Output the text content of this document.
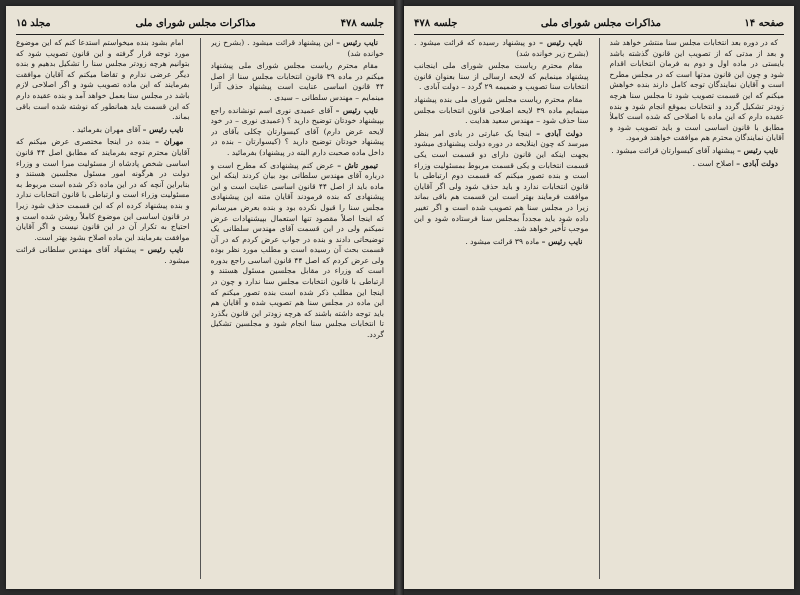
جلسه ۴۷۸
مذاکرات مجلس شورای ملی
مجلد ۱۵

نایب رئیس – این پیشنهاد قرائت میشود . (بشرح زیر خوانده شد)

مقام محترم ریاست مجلس شورای ملی پیشنهاد میکنم در ماده ۳۹ قانون انتخابات مجلس سنا از اصل ۴۴ قانون اساسی عنایت است پیشنهاد حذف آنرا مینمایم – مهندس سلطانی – سیدی .

نایب رئیس – آقای عمیدی نوری اسم تونشانده راجع بپیشنهاد خودتان توضیح دارید ؟ (عمیدی نوری – در خود لایحه عرض دارم) آقای کیسوارتان چکلی بآقای در پیشنهاد خودتان توضیح دارید ؟ (کیسوارتان – بنده در داخل ماده صحبت دارم البته در پیشنهاد) بفرمائید .

تیمور تاش – عرض کنم پیشنهادی که مطرح است و درباره آقای مهندس سلطانی بود بیان کردند اینکه این ماده باید از اصل ۴۴ قانون اساسی عنایت است و این پیشنهادی که بنده فرمودند آقایان متنه این پیشنهادی مجلس سنا را قبول نکرده بود و بنده بعرض میرسانم که اینجا اصلاً مقصود تنها استعمال بپیشنهادات عرض نمیکنم ولی در این قسمت آقای مهندس سلطانی یک توضیحاتی دادند و بنده در جواب عرض کردم که در آن قسمت بحث آن رسیده است و مطلب مورد نظر بوده ولی عرض کردم که اصل ۴۴ قانون اساسی راجع بدوره است که وزراء در مقابل مجلسین مسئول هستند و ارتباطی با قانون انتخابات مجلس سنا ندارد و چون در اینجا این مطلب ذکر شده است بنده تصور میکنم که این ماده در مجلس سنا هم تصویب شده و آقایان هم باید توجه داشته باشند که هرچه زودتر این قانون بگذرد تا انتخابات مجلس سنا انجام شود و مجلسین تشکیل گردد.

امام بشود بنده میخواستم استدعا کنم که این موضوع مورد توجه قرار گرفته و این قانون تصویب شود که بتوانیم هرچه زودتر مجلس سنا را تشکیل بدهیم و بنده دیگر عرضی ندارم و تقاضا میکنم که آقایان موافقت بفرمایند که این ماده تصویب شود و اگر اصلاحی لازم باشد در مجلس سنا بعمل خواهد آمد و بنده عقیده دارم که این قسمت باید همانطور که نوشته شده است باقی بماند.

نایب رئیس – آقای مهران بفرمائید .

مهران – بنده در اینجا مختصری عرض میکنم که آقایان محترم توجه بفرمایند که مطابق اصل ۴۴ قانون اساسی شخص پادشاه از مسئولیت مبرا است و وزراء دولت در هرگونه امور مسئول مجلسین هستند و بنابراین آنچه که در این ماده ذکر شده است مربوط به مسئولیت وزراء است و ارتباطی با قانون انتخابات ندارد و بنده پیشنهاد کرده ام که این قسمت حذف شود زیرا در قانون اساسی این موضوع کاملاً روشن شده است و احتیاج به تکرار آن در این قانون نیست و اگر آقایان موافقت بفرمایند این ماده اصلاح بشود بهتر است.

نایب رئیس – پیشنهاد آقای مهندس سلطانی قرائت میشود .

صفحه ۱۴
مذاکرات مجلس شورای ملی
جلسه ۴۷۸

که در دوره بعد انتخابات مجلس سنا منتشر خواهد شد و بعد از مدتی که از تصویب این قانون گذشته باشد بایستی در ماده اول و دوم به فرمان انتخابات اقدام شود و چون این قانون مدتها است که در مجلس مطرح است و آقایان نمایندگان توجه کامل دارند بنده خواهش میکنم که این قسمت تصویب شود تا مجلس سنا هرچه زودتر تشکیل گردد و انتخابات بموقع انجام شود و بنده عقیده دارم که این ماده با اصلاحی که شده است کاملاً مطابق با قانون اساسی است و باید تصویب شود و آقایان نمایندگان محترم هم موافقت خواهند فرمود.

نایب رئیس – پیشنهاد آقای کیسوارتان قرائت میشود .

دولت آبادی – اصلاح است .

نایب رئیس – دو پیشنهاد رسیده که قرائت میشود . (بشرح زیر خوانده شد)

مقام محترم ریاست مجلس شورای ملی اینجانب پیشنهاد مینمایم که لایحه ارسالی از سنا بعنوان قانون انتخابات سنا تصویب و ضمیمه ۲۹ گردد – دولت آبادی .

مقام محترم ریاست مجلس شورای ملی بنده پیشنهاد مینمایم ماده ۳۹ لایحه اصلاحی قانون انتخابات مجلس سنا حذف شود – مهندس سعید هدایت .

دولت آبادی – اینجا یک عبارتی در بادی امر بنظر میرسد که چون اینلایحه در دوره دولت پیشنهادی میشود بجهت اینکه این قانون دارای دو قسمت است یکی قسمت انتخابات و یکی قسمت مربوط بمسئولیت وزراء است و بنده تصور میکنم که قسمت دوم ارتباطی با قانون انتخابات ندارد و باید حذف شود ولی اگر آقایان موافقت فرمایند بهتر است این قسمت هم باقی بماند زیرا در مجلس سنا هم تصویب شده است و اگر تغییر داده شود باید مجدداً بمجلس سنا فرستاده شود و این موجب تأخیر خواهد شد.

نایب رئیس – ماده ۳۹ قرائت میشود .
